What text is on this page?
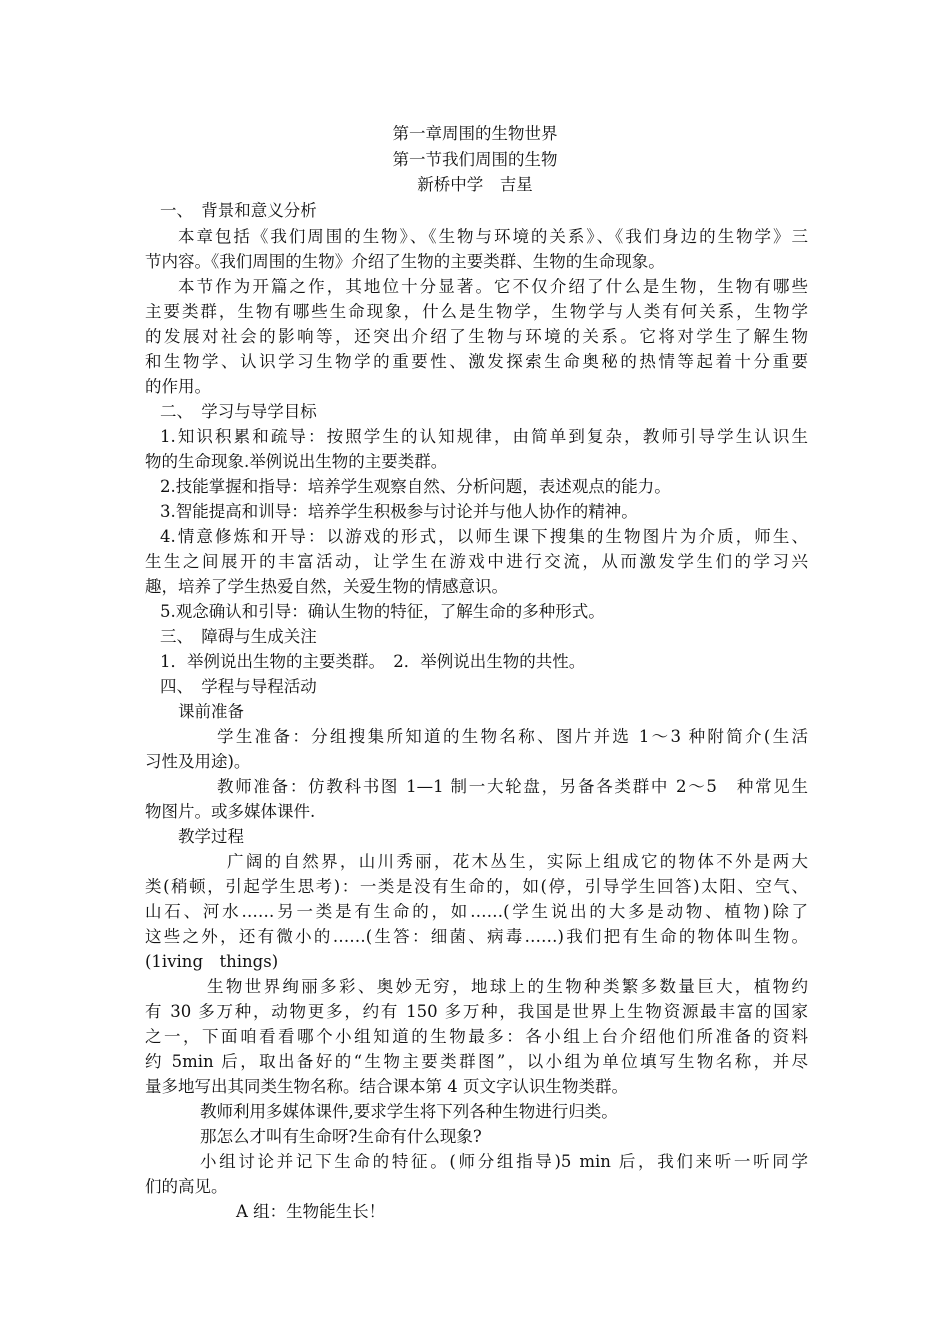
第一章周围的生物世界
第一节我们周围的生物
新桥中学　吉星
一、　背景和意义分析
本章包括《我们周围的生物》、《生物与环境的关系》、《我们身边的生物学》三
节内容。《我们周围的生物》介绍了生物的主要类群、生物的生命现象。
本节作为开篇之作，其地位十分显著。它不仅介绍了什么是生物，生物有哪些
主要类群，生物有哪些生命现象，什么是生物学，生物学与人类有何关系，生物学
的发展对社会的影响等，还突出介绍了生物与环境的关系。它将对学生了解生物
和生物学、认识学习生物学的重要性、激发探索生命奥秘的热情等起着十分重要
的作用。
二、　学习与导学目标
1.知识积累和疏导：按照学生的认知规律，由简单到复杂，教师引导学生认识生
物的生命现象.举例说出生物的主要类群。
2.技能掌握和指导：培养学生观察自然、分析问题，表述观点的能力。
3.智能提高和训导：培养学生积极参与讨论并与他人协作的精神。
4.情意修炼和开导：以游戏的形式，以师生课下搜集的生物图片为介质，师生、
生生之间展开的丰富活动，让学生在游戏中进行交流，从而激发学生们的学习兴
趣，培养了学生热爱自然，关爱生物的情感意识。
5.观念确认和引导：确认生物的特征，了解生命的多种形式。
三、　障碍与生成关注
1．举例说出生物的主要类群。　2．举例说出生物的共性。
四、　学程与导程活动
课前准备
学生准备：分组搜集所知道的生物名称、图片并选 1～3 种附简介(生活
习性及用途)。
教师准备：仿教科书图 1—1 制一大轮盘，另备各类群中 2～5　种常见生
物图片。或多媒体课件.
教学过程
广阔的自然界，山川秀丽，花木丛生，实际上组成它的物体不外是两大
类(稍顿，引起学生思考)：一类是没有生命的，如(停，引导学生回答)太阳、空气、
山石、河水……另一类是有生命的，如……(学生说出的大多是动物、植物)除了
这些之外，还有微小的……(生答：细菌、病毒……)我们把有生命的物体叫生物。
(1iving　things)
生物世界绚丽多彩、奥妙无穷，地球上的生物种类繁多数量巨大，植物约
有 30 多万种，动物更多，约有 150 多万种，我国是世界上生物资源最丰富的国家
之一，下面咱看看哪个小组知道的生物最多：各小组上台介绍他们所准备的资料
约 5min 后，取出备好的“生物主要类群图”，以小组为单位填写生物名称，并尽
量多地写出其同类生物名称。结合课本第 4 页文字认识生物类群。
教师利用多媒体课件,要求学生将下列各种生物进行归类。
那怎么才叫有生命呀?生命有什么现象?
小组讨论并记下生命的特征。(师分组指导)5 min 后，我们来听一听同学
们的高见。
A 组：生物能生长！
